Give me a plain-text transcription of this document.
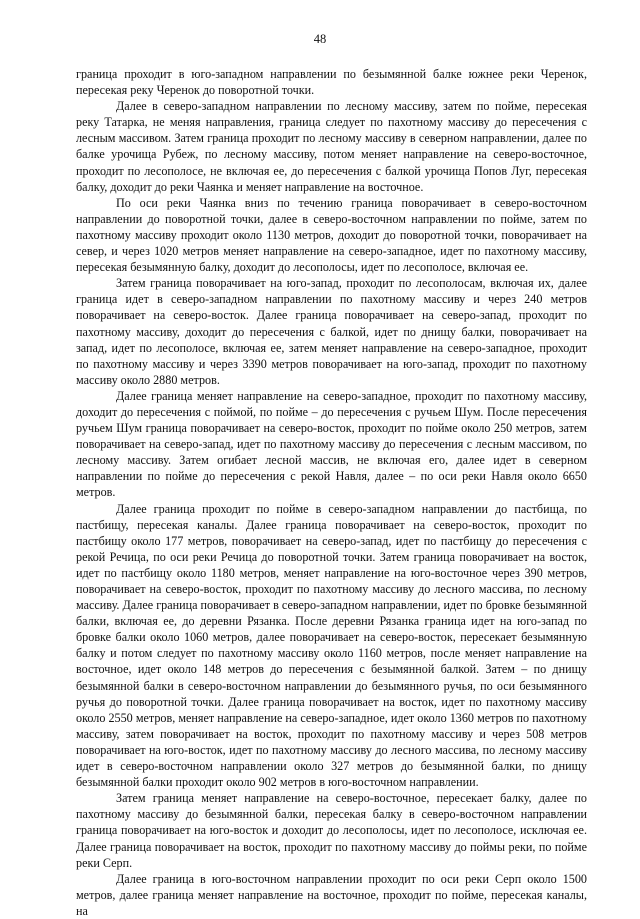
48

граница проходит в юго-западном направлении по безымянной балке южнее реки Черенок, пересекая реку Черенок до поворотной точки.

Далее в северо-западном направлении по лесному массиву, затем по пойме, пересекая реку Татарка, не меняя направления, граница следует по пахотному массиву до пересечения с лесным массивом. Затем граница проходит по лесному массиву в северном направлении, далее по балке урочища Рубеж, по лесному массиву, потом меняет направление на северо-восточное, проходит по лесополосе, не включая ее, до пересечения с балкой урочища Попов Луг, пересекая балку, доходит до реки Чаянка и меняет направление на восточное.

По оси реки Чаянка вниз по течению граница поворачивает в северо-восточном направлении до поворотной точки, далее в северо-восточном направлении по пойме, затем по пахотному массиву проходит около 1130 метров, доходит до поворотной точки, поворачивает на север, и через 1020 метров меняет направление на северо-западное, идет по пахотному массиву, пересекая безымянную балку, доходит до лесополосы, идет по лесополосе, включая ее.

Затем граница поворачивает на юго-запад, проходит по лесополосам, включая их, далее граница идет в северо-западном направлении по пахотному массиву и через 240 метров поворачивает на северо-восток. Далее граница поворачивает на северо-запад, проходит по пахотному массиву, доходит до пересечения с балкой, идет по днищу балки, поворачивает на запад, идет по лесополосе, включая ее, затем меняет направление на северо-западное, проходит по пахотному массиву и через 3390 метров поворачивает на юго-запад, проходит по пахотному массиву около 2880 метров.

Далее граница меняет направление на северо-западное, проходит по пахотному массиву, доходит до пересечения с поймой, по пойме – до пересечения с ручьем Шум. После пересечения ручьем Шум граница поворачивает на северо-восток, проходит по пойме около 250 метров, затем поворачивает на северо-запад, идет по пахотному массиву до пересечения с лесным массивом, по лесному массиву. Затем огибает лесной массив, не включая его, далее идет в северном направлении по пойме до пересечения с рекой Навля, далее – по оси реки Навля около 6650 метров.

Далее граница проходит по пойме в северо-западном направлении до пастбища, по пастбищу, пересекая каналы. Далее граница поворачивает на северо-восток, проходит по пастбищу около 177 метров, поворачивает на северо-запад, идет по пастбищу до пересечения с рекой Речица, по оси реки Речица до поворотной точки. Затем граница поворачивает на восток, идет по пастбищу около 1180 метров, меняет направление на юго-восточное через 390 метров, поворачивает на северо-восток, проходит по пахотному массиву до лесного массива, по лесному массиву. Далее граница поворачивает в северо-западном направлении, идет по бровке безымянной балки, включая ее, до деревни Рязанка. После деревни Рязанка граница идет на юго-запад по бровке балки около 1060 метров, далее поворачивает на северо-восток, пересекает безымянную балку и потом следует по пахотному массиву около 1160 метров, после меняет направление на восточное, идет около 148 метров до пересечения с безымянной балкой. Затем – по днищу безымянной балки в северо-восточном направлении до безымянного ручья, по оси безымянного ручья до поворотной точки. Далее граница поворачивает на восток, идет по пахотному массиву около 2550 метров, меняет направление на северо-западное, идет около 1360 метров по пахотному массиву, затем поворачивает на восток, проходит по пахотному массиву и через 508 метров поворачивает на юго-восток, идет по пахотному массиву до лесного массива, по лесному массиву идет в северо-восточном направлении около 327 метров до безымянной балки, по днищу безымянной балки проходит около 902 метров в юго-восточном направлении.

Затем граница меняет направление на северо-восточное, пересекает балку, далее по пахотному массиву до безымянной балки, пересекая балку в северо-восточном направлении граница поворачивает на юго-восток и доходит до лесополосы, идет по лесополосе, исключая ее. Далее граница поворачивает на восток, проходит по пахотному массиву до поймы реки, по пойме реки Серп.

Далее граница в юго-восточном направлении проходит по оси реки Серп около 1500 метров, далее граница меняет направление на восточное, проходит по пойме, пересекая каналы, на
